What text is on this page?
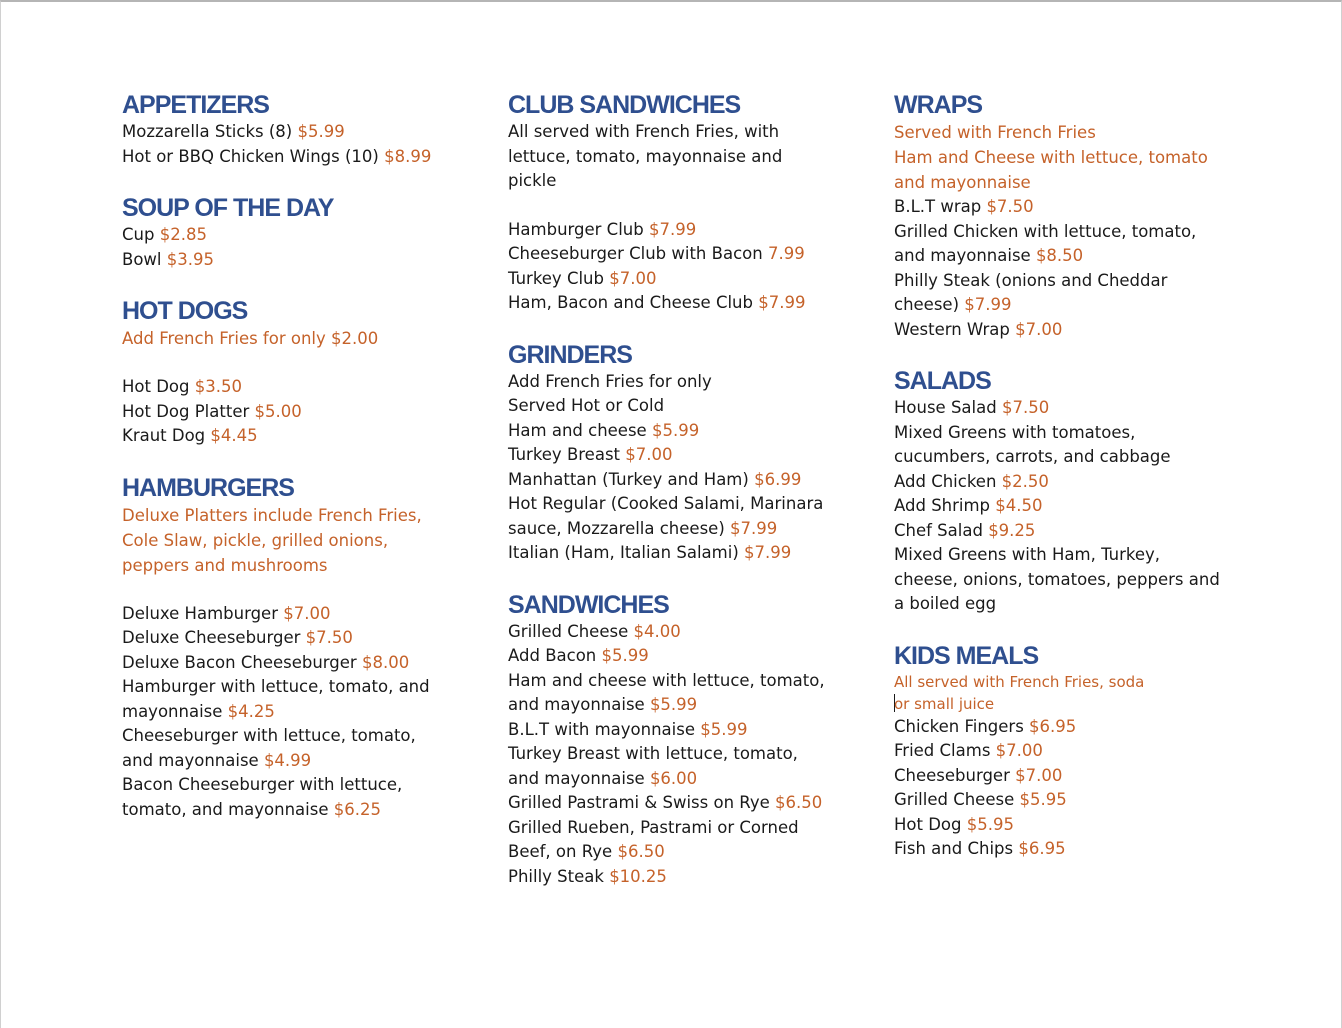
APPETIZERS
Mozzarella Sticks (8) $5.99
Hot or BBQ Chicken Wings (10) $8.99
SOUP OF THE DAY
Cup $2.85
Bowl $3.95
HOT DOGS
Add French Fries for only $2.00
Hot Dog $3.50
Hot Dog Platter $5.00
Kraut Dog $4.45
HAMBURGERS
Deluxe Platters include French Fries,
Cole Slaw, pickle, grilled onions,
peppers and mushrooms
Deluxe Hamburger $7.00
Deluxe Cheeseburger $7.50
Deluxe Bacon Cheeseburger $8.00
Hamburger with lettuce, tomato, and
mayonnaise $4.25
Cheeseburger with lettuce, tomato,
and mayonnaise $4.99
Bacon Cheeseburger with lettuce,
tomato, and mayonnaise $6.25
CLUB SANDWICHES
All served with French Fries, with
lettuce, tomato, mayonnaise and
pickle
Hamburger Club $7.99
Cheeseburger Club with Bacon 7.99
Turkey Club $7.00
Ham, Bacon and Cheese Club $7.99
GRINDERS
Add French Fries for only
Served Hot or Cold
Ham and cheese $5.99
Turkey Breast $7.00
Manhattan (Turkey and Ham) $6.99
Hot Regular (Cooked Salami, Marinara
sauce, Mozzarella cheese) $7.99
Italian (Ham, Italian Salami) $7.99
SANDWICHES
Grilled Cheese $4.00
Add Bacon $5.99
Ham and cheese with lettuce, tomato,
and mayonnaise $5.99
B.L.T with mayonnaise $5.99
Turkey Breast with lettuce, tomato,
and mayonnaise $6.00
Grilled Pastrami & Swiss on Rye $6.50
Grilled Rueben, Pastrami or Corned
Beef, on Rye $6.50
Philly Steak $10.25
WRAPS
Served with French Fries
Ham and Cheese with lettuce, tomato
and mayonnaise
B.L.T wrap $7.50
Grilled Chicken with lettuce, tomato,
and mayonnaise $8.50
Philly Steak (onions and Cheddar
cheese) $7.99
Western Wrap $7.00
SALADS
House Salad $7.50
Mixed Greens with tomatoes,
cucumbers, carrots, and cabbage
Add Chicken $2.50
Add Shrimp $4.50
Chef Salad $9.25
Mixed Greens with Ham, Turkey,
cheese, onions, tomatoes, peppers and
a boiled egg
KIDS MEALS
All served with French Fries, soda
or small juice
Chicken Fingers $6.95
Fried Clams $7.00
Cheeseburger $7.00
Grilled Cheese $5.95
Hot Dog $5.95
Fish and Chips $6.95
